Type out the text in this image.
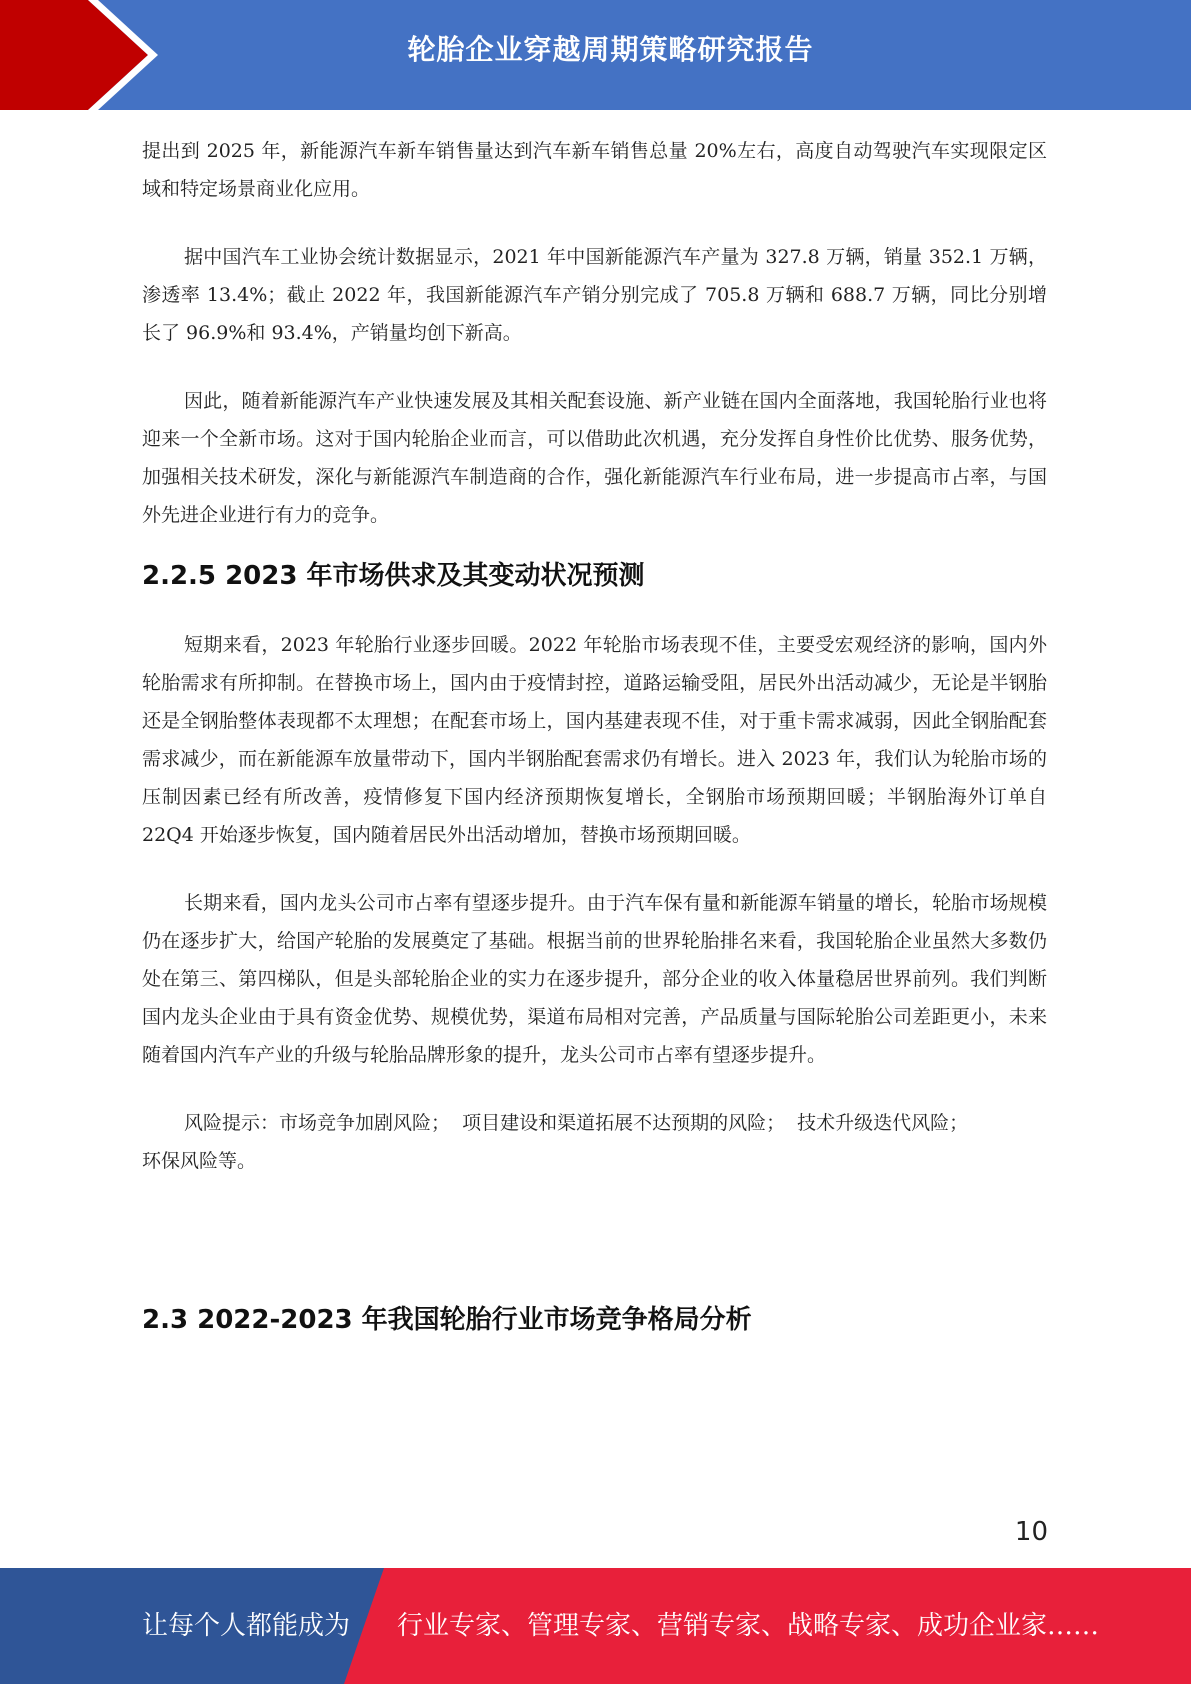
轮胎企业穿越周期策略研究报告

提出到 2025 年，新能源汽车新车销售量达到汽车新车销售总量 20%左右，高度自动驾驶汽车实现限定区域和特定场景商业化应用。

据中国汽车工业协会统计数据显示，2021 年中国新能源汽车产量为 327.8 万辆，销量 352.1 万辆，渗透率 13.4%；截止 2022 年，我国新能源汽车产销分别完成了 705.8 万辆和 688.7 万辆，同比分别增长了 96.9%和 93.4%，产销量均创下新高。

因此，随着新能源汽车产业快速发展及其相关配套设施、新产业链在国内全面落地，我国轮胎行业也将迎来一个全新市场。这对于国内轮胎企业而言，可以借助此次机遇，充分发挥自身性价比优势、服务优势，加强相关技术研发，深化与新能源汽车制造商的合作，强化新能源汽车行业布局，进一步提高市占率，与国外先进企业进行有力的竞争。

2.2.5 2023 年市场供求及其变动状况预测

短期来看，2023 年轮胎行业逐步回暖。2022 年轮胎市场表现不佳，主要受宏观经济的影响，国内外轮胎需求有所抑制。在替换市场上，国内由于疫情封控，道路运输受阻，居民外出活动减少，无论是半钢胎还是全钢胎整体表现都不太理想；在配套市场上，国内基建表现不佳，对于重卡需求减弱，因此全钢胎配套需求减少，而在新能源车放量带动下，国内半钢胎配套需求仍有增长。进入 2023 年，我们认为轮胎市场的压制因素已经有所改善，疫情修复下国内经济预期恢复增长，全钢胎市场预期回暖；半钢胎海外订单自 22Q4 开始逐步恢复，国内随着居民外出活动增加，替换市场预期回暖。

长期来看，国内龙头公司市占率有望逐步提升。由于汽车保有量和新能源车销量的增长，轮胎市场规模仍在逐步扩大，给国产轮胎的发展奠定了基础。根据当前的世界轮胎排名来看，我国轮胎企业虽然大多数仍处在第三、第四梯队，但是头部轮胎企业的实力在逐步提升，部分企业的收入体量稳居世界前列。我们判断国内龙头企业由于具有资金优势、规模优势，渠道布局相对完善，产品质量与国际轮胎公司差距更小，未来随着国内汽车产业的升级与轮胎品牌形象的提升，龙头公司市占率有望逐步提升。

风险提示：市场竞争加剧风险；  项目建设和渠道拓展不达预期的风险；  技术升级迭代风险；

环保风险等。

2.3 2022-2023 年我国轮胎行业市场竞争格局分析
10
让每个人都能成为 行业专家、管理专家、营销专家、战略专家、成功企业家……
